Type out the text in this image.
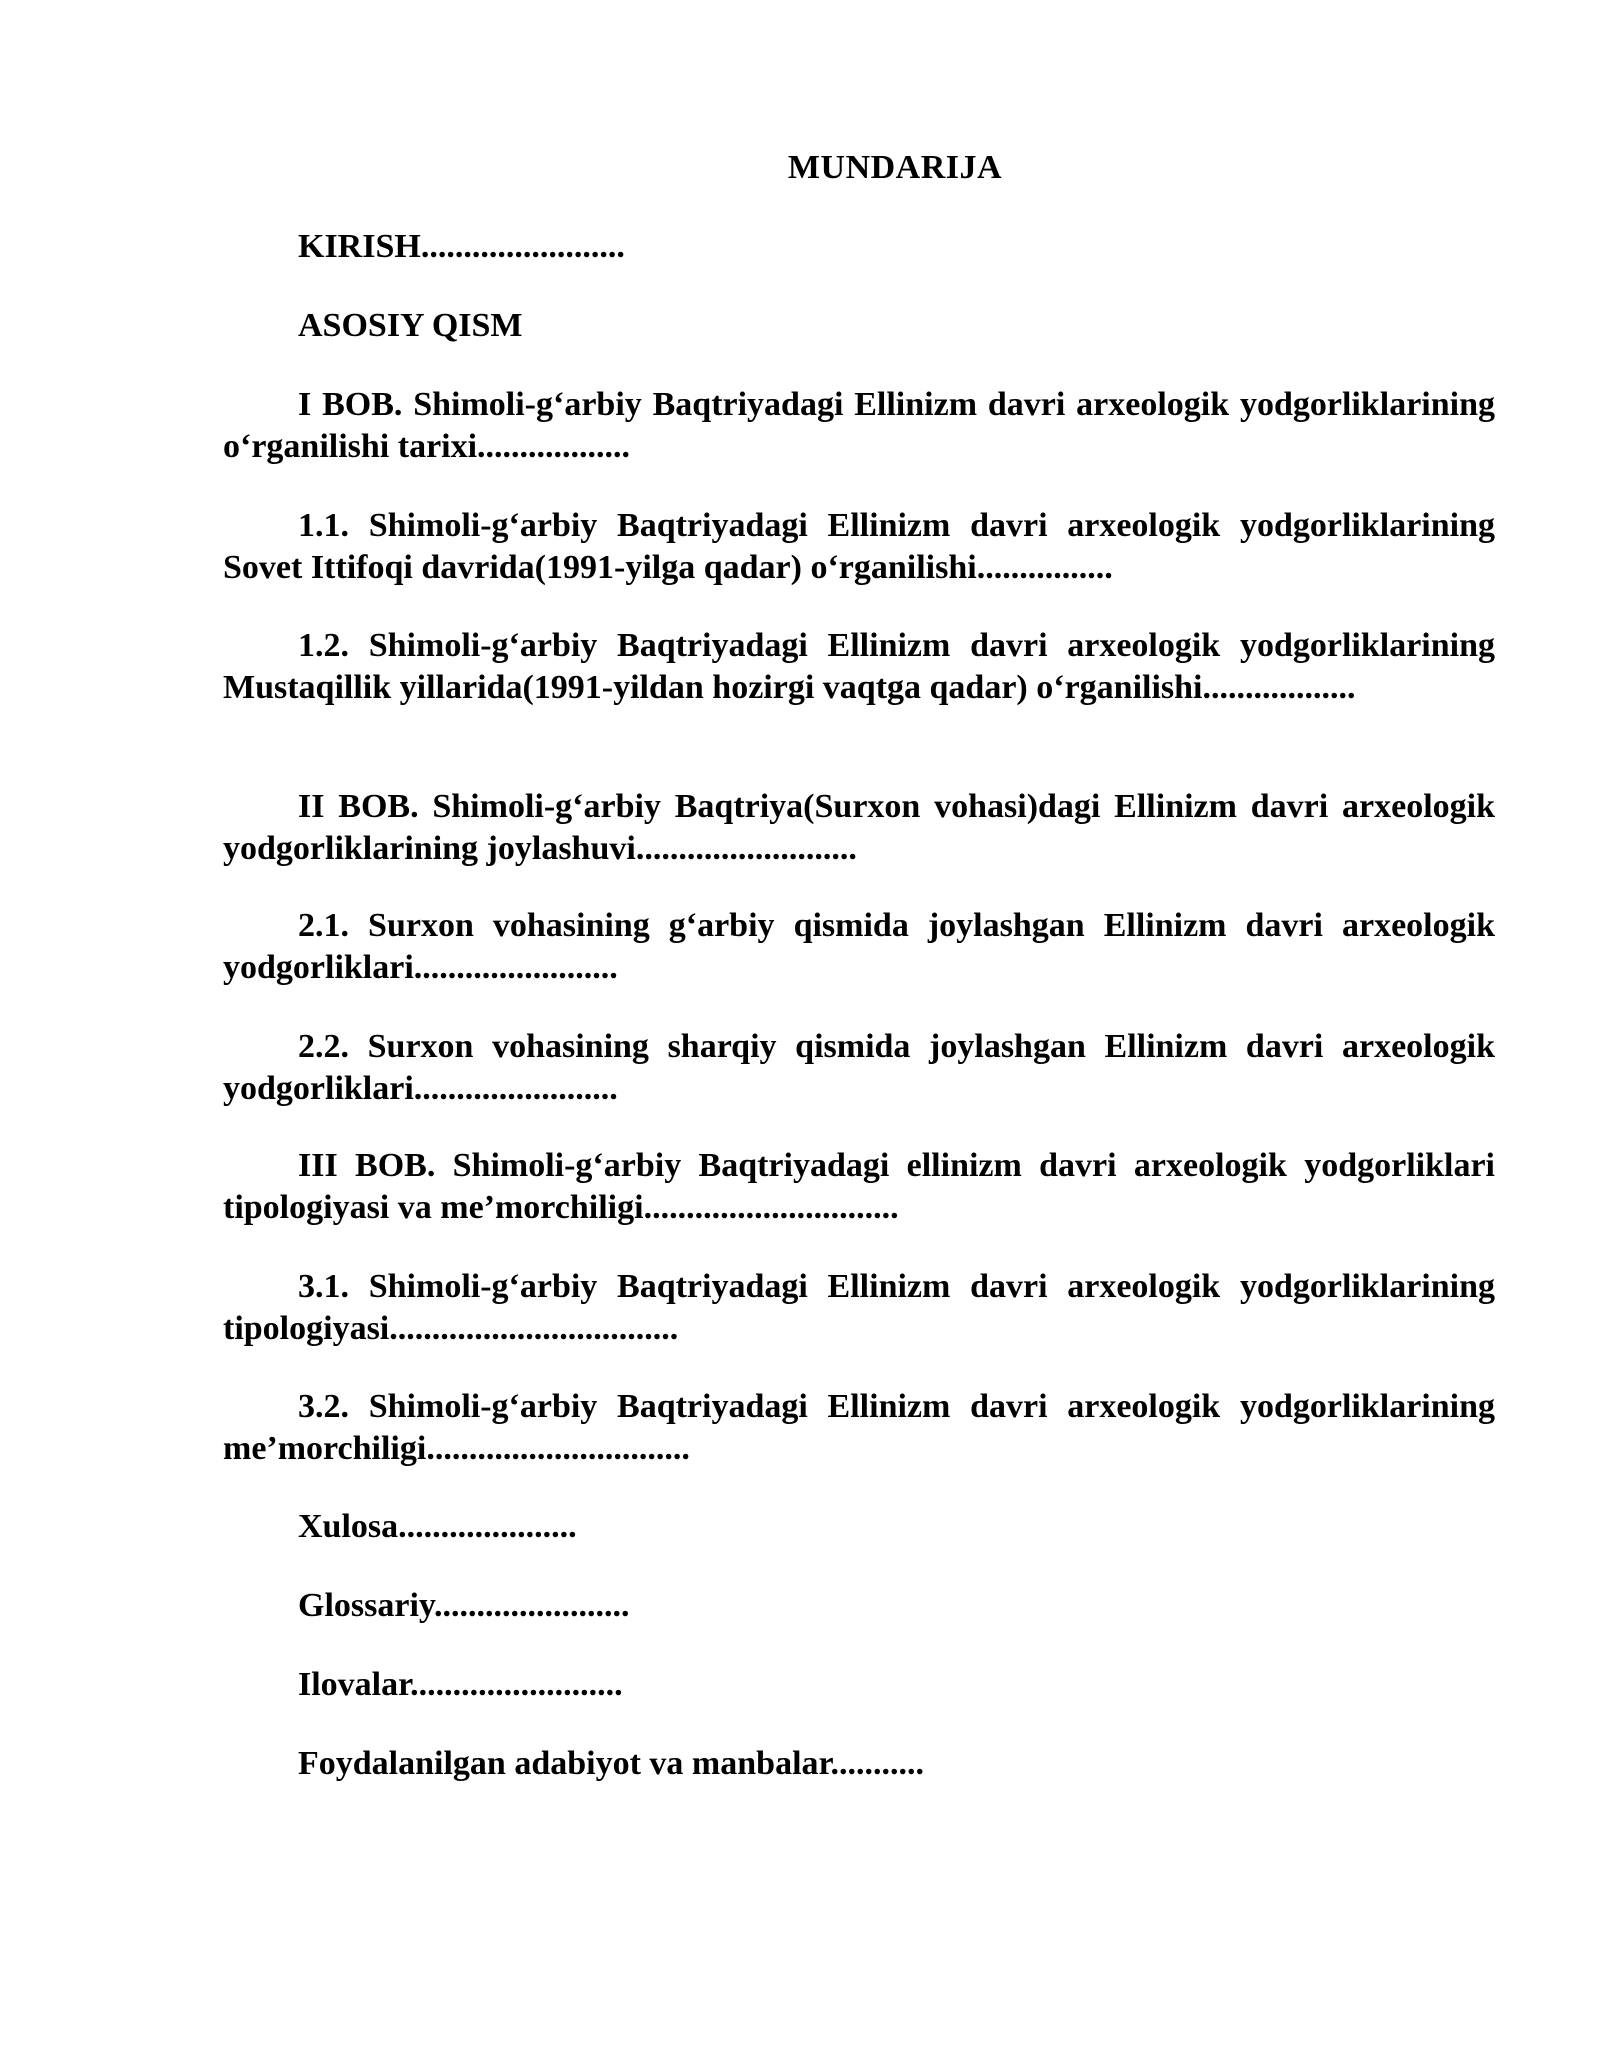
MUNDARIJA

KIRISH........................

ASOSIY QISM

I BOB. Shimoli-g‘arbiy Baqtriyadagi Ellinizm davri arxeologik yodgorliklarining o‘rganilishi tarixi..................

1.1. Shimoli-g‘arbiy Baqtriyadagi Ellinizm davri arxeologik yodgorliklarining Sovet Ittifoqi davrida(1991-yilga qadar) o‘rganilishi................

1.2. Shimoli-g‘arbiy Baqtriyadagi Ellinizm davri arxeologik yodgorliklarining Mustaqillik yillarida(1991-yildan hozirgi vaqtga qadar) o‘rganilishi..................

II BOB. Shimoli-g‘arbiy Baqtriya(Surxon vohasi)dagi Ellinizm davri arxeologik yodgorliklarining joylashuvi..........................

2.1. Surxon vohasining g‘arbiy qismida joylashgan Ellinizm davri arxeologik yodgorliklari........................

2.2. Surxon vohasining sharqiy qismida joylashgan Ellinizm davri arxeologik yodgorliklari........................

III BOB. Shimoli-g‘arbiy Baqtriyadagi ellinizm davri arxeologik yodgorliklari tipologiyasi va me’morchiligi..............................

3.1. Shimoli-g‘arbiy Baqtriyadagi Ellinizm davri arxeologik yodgorliklarining tipologiyasi..................................

3.2. Shimoli-g‘arbiy Baqtriyadagi Ellinizm davri arxeologik yodgorliklarining me’morchiligi...............................

Xulosa.....................

Glossariy.......................

Ilovalar.........................

Foydalanilgan adabiyot va manbalar...........
